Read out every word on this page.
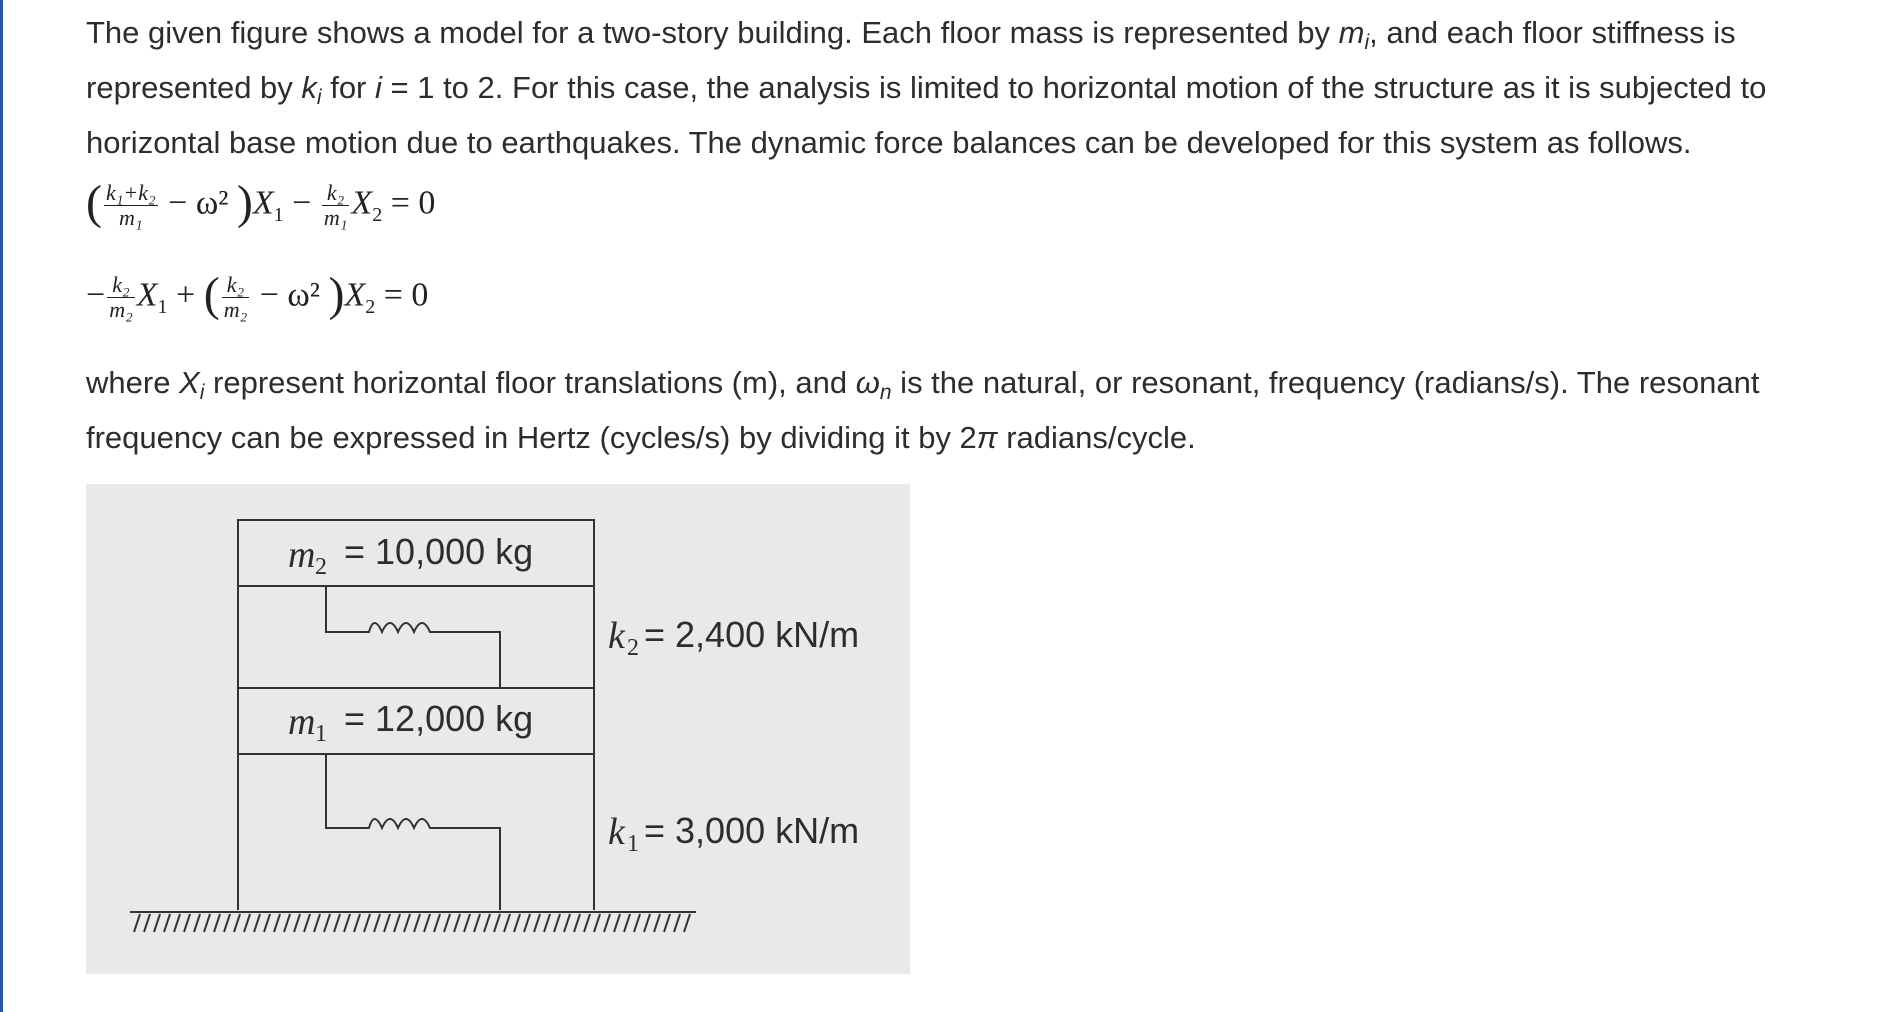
The given figure shows a model for a two-story building. Each floor mass is represented by $m_i$, and each floor stiffness is represented by $k_i$ for i = 1 to 2. For this case, the analysis is limited to horizontal motion of the structure as it is subjected to horizontal base motion due to earthquakes. The dynamic force balances can be developed for this system as follows.

( $\frac{\text{k₁+k₂}}{\text{m₁}} - \omega^2$ )$X_1 - \frac{\text{k₂}}{\text{m₁}} X_2 = 0$
− $\frac{\text{k₂}}{\text{m₂}} X_1$ + ( $\frac{\text{k₂}}{\text{m₂}} - \omega^2$ )$X_2 = 0$

where $X_i$ represent horizontal floor translations (m), and $\omega_n$ is the natural, or resonant, frequency (radians/s). The resonant frequency can be expressed in Hertz (cycles/s) by dividing it by 2π radians/cycle.

m 2 = 10,000 kg
m 1 = 12,000 kg
k 2 = 2,400 kN/m
k 1 = 3,000 kN/m
